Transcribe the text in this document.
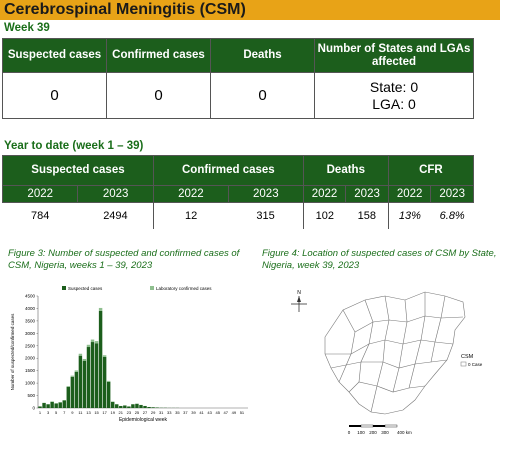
Cerebrospinal Meningitis (CSM)
Week 39
Suspected cases	Confirmed cases	Deaths	Number of States and LGAs affected
0	0	0	State: 0
LGA: 0
Year to date (week 1 – 39)
Suspected cases		Confirmed cases		Deaths		CFR	
2022	2023	2022	2023	2022	2023	2022	2023
784	2494	12	315	102	158	13%	6.8%
Figure 3: Number of suspected and confirmed cases of CSM, Nigeria, weeks 1 – 39, 2023
Figure 4: Location of suspected cases of CSM by State, Nigeria, week 39, 2023
0
500
1000
1500
2000
2500
3000
3500
4000
4500
1 3 5 7 9 11 13 15 17 19 21 23 25 27 29 31 33 35 37 39 41 43 45 47 49 51
Epidemiological week
Number of suspected/confirmed cases
Suspected cases	Laboratory confirmed cases
N
CSM
0 Case
0 100 200 300 400 km
